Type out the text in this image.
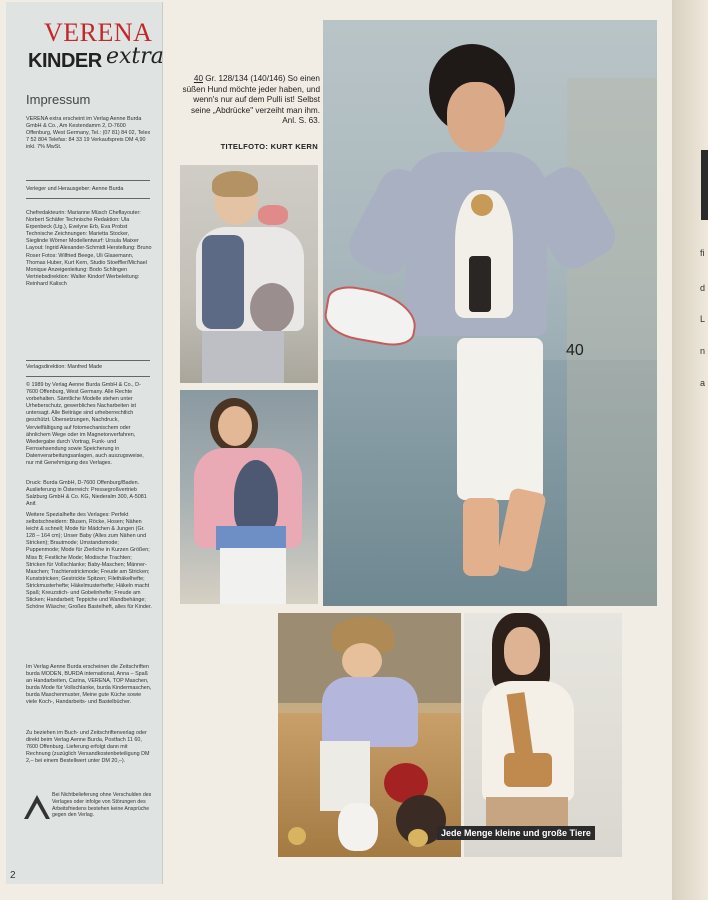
VERENA
KINDER extra
Impressum
VERENA extra erscheint im Verlag Aenne Burda GmbH & Co., Am Kestendamm 2, D-7600 Offenburg, West Germany, Tel.: (07 81) 84 02, Telex 7 52 804 Telefax: 84 33 19 Verkaufspreis DM 4,90 inkl. 7% MwSt.
Verleger und Herausgeber: Aenne Burda
Chefredakteurin: Marianne Müsch Cheflayouter: Norbert Schäfer Technische Redaktion: Ula Erpenbeck (Ltg.), Evelyne Erb, Eva Probst Technische Zeichnungen: Marietta Stocker, Sieglinde Wörner Modellentwurf: Ursula Maixer Layout: Ingrid Alexander-Schmidt Herstellung: Bruno Roser Fotos: Wilfried Beege, Uli Glasemann, Thomas Huber, Kurt Kern, Studio Stoeffler/Michael Monique Anzeigenleitung: Bodo Schlingen Vertriebsdirektion: Walter Kindorf Werbeleitung: Reinhard Kalisch
Verlagsdirektion: Manfred Made
© 1989 by Verlag Aenne Burda GmbH & Co., D-7600 Offenburg, West Germany. Alle Rechte vorbehalten. Sämtliche Modelle stehen unter Urheberschutz, gewerbliches Nacharbeiten ist untersagt. Alle Beiträge sind urheberrechtlich geschützt. Übersetzungen, Nachdruck, Vervielfältigung auf fotomechanischem oder ähnlichem Wege oder im Magnetonverfahren, Wiedergabe durch Vortrag, Funk- und Fernsehsendung sowie Speicherung in Datenverarbeitungsanlagen, auch auszugsweise, nur mit Genehmigung des Verlages.
Druck: Burda GmbH, D-7600 Offenburg/Baden. Auslieferung in Österreich: Pressegroßvertrieb Salzburg GmbH & Co. KG, Niederalm 300, A-5081 Anif.
Weitere Spezialhefte des Verlages: Perfekt selbstschneidern: Blusen, Röcke, Hosen; Nähen leicht & schnell; Mode für Mädchen & Jungen (Gr. 128 – 164 cm); Unser Baby (Alles zum Nähen und Stricken); Brautmode; Umstandsmode; Puppenmode; Mode für Zierliche in Kurzen Größen; Miss B; Festliche Mode; Modische Trachten; Stricken für Vollschlanke; Baby-Maschen; Männer-Maschen; Trachtenstrickmode; Freude am Stricken; Kunststricken; Gestrickte Spitzen; Filethäkelhefte; Strickmusterhefte; Häkelmusterhefte; Häkeln macht Spaß; Kreuzstich- und Gobelinhefte; Freude am Sticken; Handarbeit; Teppiche und Wandbehänge; Schöne Wäsche; Großes Bastelheft, alles für Kinder.
Im Verlag Aenne Burda erscheinen die Zeitschriften burda MODEN, BURDA international, Anna – Spaß an Handarbeiten, Carina, VERENA, TOP Maschen, burda Mode für Vollschlanke, burda Kindermaschen, burda Maschenmuster, Meine gute Küche sowie viele Koch-, Handarbeits- und Bastelbücher.
Zu beziehen im Buch- und Zeitschriftenverlag oder direkt beim Verlag Aenne Burda, Postfach 11 60, 7600 Offenburg. Lieferung erfolgt dann mit Rechnung (zuzüglich Versandkostenbeteiligung DM 2,– bei einem Bestellwert unter DM 20,–).
Bei Nichtbelieferung ohne Verschulden des Verlages oder infolge von Störungen des Arbeitsfriedens bestehen keine Ansprüche gegen den Verlag.
2
40 Gr. 128/134 (140/146) So einen süßen Hund möchte jeder haben, und wenn's nur auf dem Pulli ist! Selbst seine „Abdrücke" verzeiht man ihm. Anl. S. 63.
TITELFOTO: KURT KERN
40
Jede Menge kleine und große Tiere
fi
d
L
n
a
